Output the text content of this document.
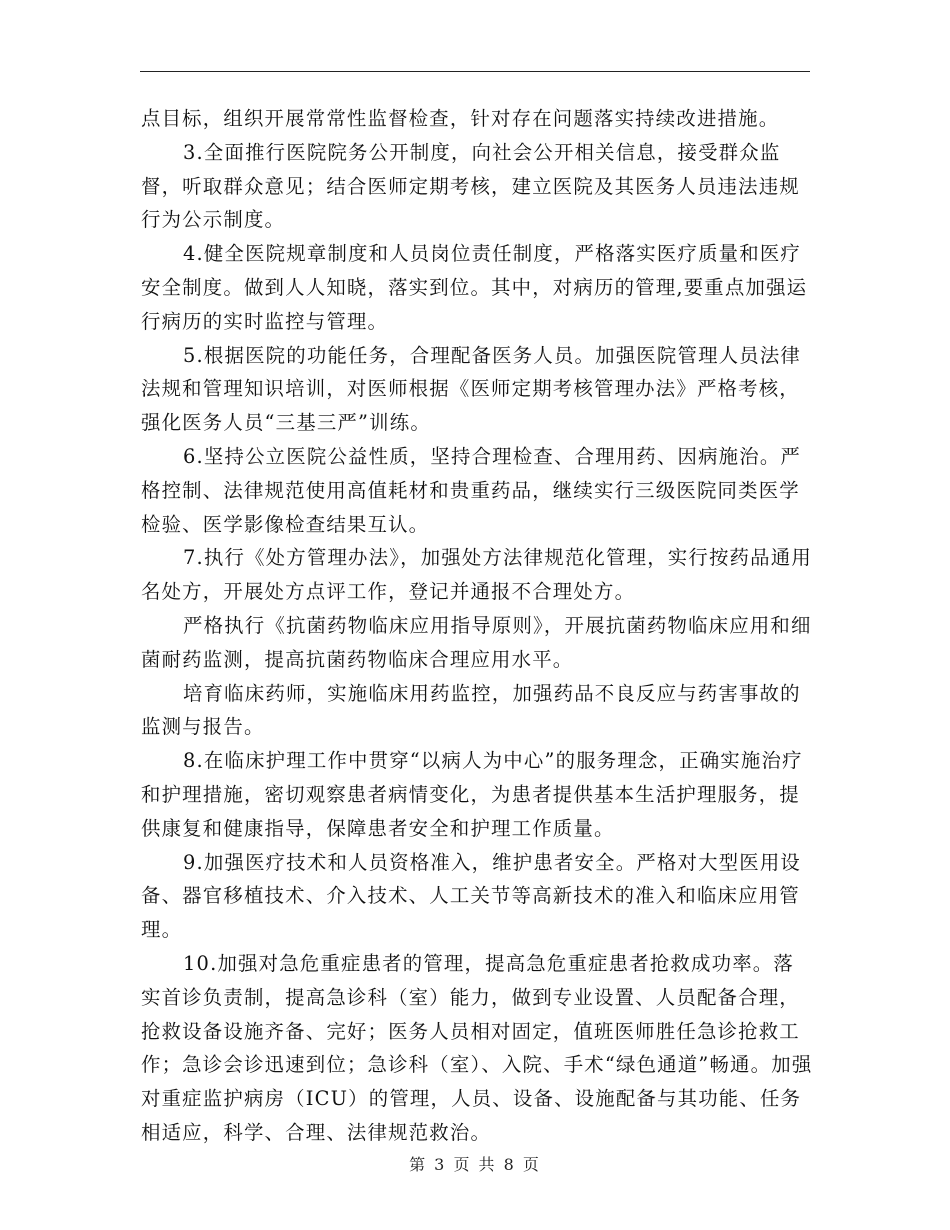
点目标，组织开展常常性监督检查，针对存在问题落实持续改进措施。

3.全面推行医院院务公开制度，向社会公开相关信息，接受群众监督，听取群众意见；结合医师定期考核，建立医院及其医务人员违法违规行为公示制度。

4.健全医院规章制度和人员岗位责任制度，严格落实医疗质量和医疗安全制度。做到人人知晓，落实到位。其中，对病历的管理,要重点加强运行病历的实时监控与管理。

5.根据医院的功能任务，合理配备医务人员。加强医院管理人员法律法规和管理知识培训，对医师根据《医师定期考核管理办法》严格考核，强化医务人员“三基三严”训练。

6.坚持公立医院公益性质，坚持合理检查、合理用药、因病施治。严格控制、法律规范使用高值耗材和贵重药品，继续实行三级医院同类医学检验、医学影像检查结果互认。

7.执行《处方管理办法》，加强处方法律规范化管理，实行按药品通用名处方，开展处方点评工作，登记并通报不合理处方。

严格执行《抗菌药物临床应用指导原则》，开展抗菌药物临床应用和细菌耐药监测，提高抗菌药物临床合理应用水平。

培育临床药师，实施临床用药监控，加强药品不良反应与药害事故的监测与报告。

8.在临床护理工作中贯穿“以病人为中心”的服务理念，正确实施治疗和护理措施，密切观察患者病情变化，为患者提供基本生活护理服务，提供康复和健康指导，保障患者安全和护理工作质量。

9.加强医疗技术和人员资格准入，维护患者安全。严格对大型医用设备、器官移植技术、介入技术、人工关节等高新技术的准入和临床应用管理。

10.加强对急危重症患者的管理，提高急危重症患者抢救成功率。落实首诊负责制，提高急诊科（室）能力，做到专业设置、人员配备合理，抢救设备设施齐备、完好；医务人员相对固定，值班医师胜任急诊抢救工作；急诊会诊迅速到位；急诊科（室）、入院、手术“绿色通道”畅通。加强对重症监护病房（ICU）的管理，人员、设备、设施配备与其功能、任务相适应，科学、合理、法律规范救治。

第 3 页 共 8 页
